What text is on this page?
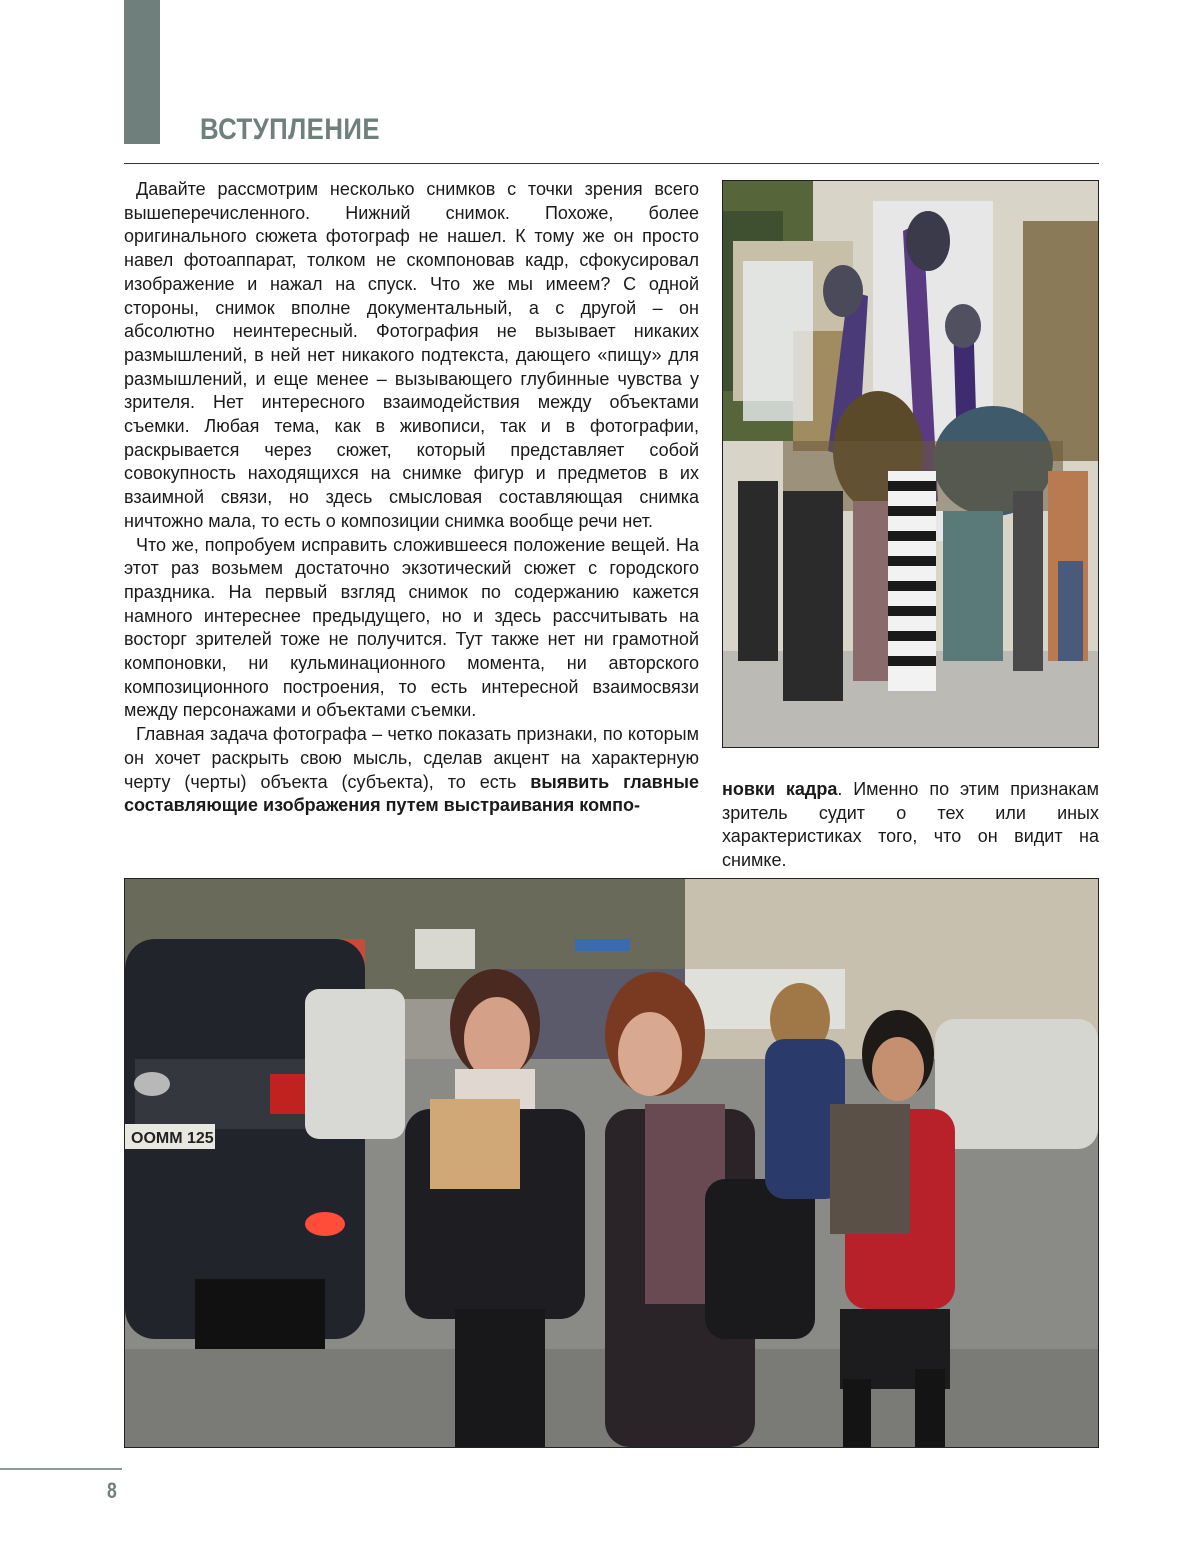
ВСТУПЛЕНИЕ

Давайте рассмотрим несколько снимков с точки зрения всего вышеперечисленного. Нижний снимок. Похоже, более оригинального сюжета фотограф не нашел. К тому же он просто навел фотоаппарат, толком не скомпоновав кадр, сфокусировал изображение и нажал на спуск. Что же мы имеем? С одной стороны, снимок вполне документальный, а с другой – он абсолютно неинтересный. Фотография не вызывает никаких размышлений, в ней нет никакого подтекста, дающего «пищу» для размышлений, и еще менее – вызывающего глубинные чувства у зрителя. Нет интересного взаимодействия между объектами съемки. Любая тема, как в живописи, так и в фотографии, раскрывается через сюжет, который представляет собой совокупность находящихся на снимке фигур и предметов в их взаимной связи, но здесь смысловая составляющая снимка ничтожно мала, то есть о композиции снимка вообще речи нет.

Что же, попробуем исправить сложившееся положение вещей. На этот раз возьмем достаточно экзотический сюжет с городского праздника. На первый взгляд снимок по содержанию кажется намного интереснее предыдущего, но и здесь рассчитывать на восторг зрителей тоже не получится. Тут также нет ни грамотной компоновки, ни кульминационного момента, ни авторского композиционного построения, то есть интересной взаимосвязи между персонажами и объектами съемки.

Главная задача фотографа – четко показать признаки, по которым он хочет раскрыть свою мысль, сделав акцент на характерную черту (черты) объекта (субъекта), то есть выявить главные составляющие изображения путем выстраивания компо-

новки кадра. Именно по этим признакам зритель судит о тех или иных характеристиках того, что он видит на снимке.

ООММ 125
8
